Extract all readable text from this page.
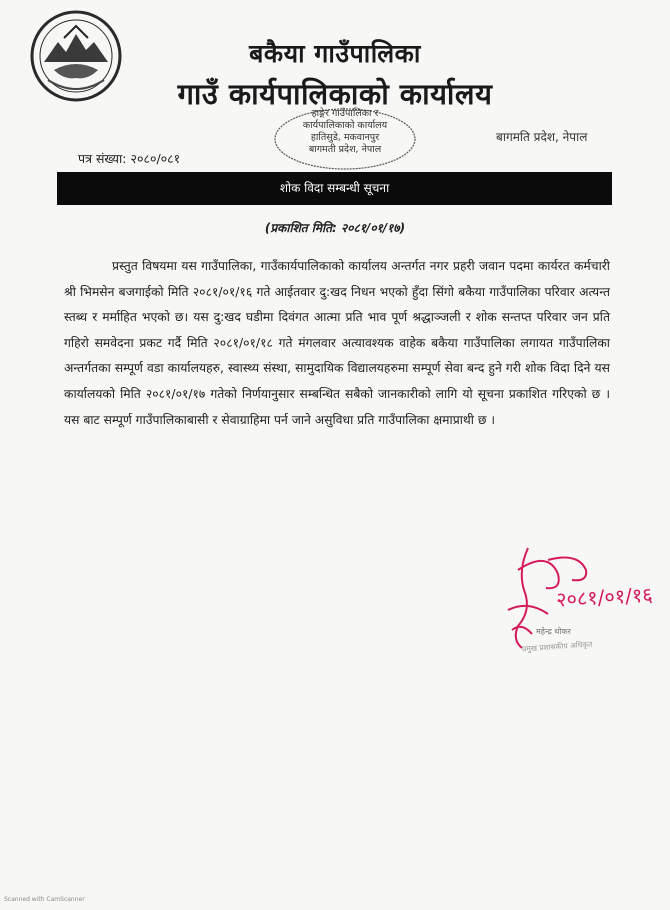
बकैया गाउँपालिका
गाउँ कार्यपालिकाको कार्यालय
हाङ्गेर गाउँपालिका र
कार्यपालिकाको कार्यालय
हातिसुडे, मकवानपुर
बागमती प्रदेश, नेपाल
बागमति प्रदेश, नेपाल
पत्र संख्या: २०८०/०८१
शोक विदा सम्बन्धी सूचना
(प्रकाशित मिति: २०८१/०१/१७)
प्रस्तुत विषयमा यस गाउँपालिका, गाउँकार्यपालिकाको कार्यालय अन्तर्गत नगर प्रहरी जवान पदमा कार्यरत कर्मचारी श्री भिमसेन बजगाईको मिति २०८१/०१/१६ गते आईतवार दु:खद निधन भएको हुँदा सिंगो बकैया गाउँपालिका परिवार अत्यन्त स्तब्ध र मर्माहित भएको छ। यस दु:खद घडीमा दिवंगत आत्मा प्रति भाव पूर्ण श्रद्धाञ्जली र शोक सन्तप्त परिवार जन प्रति गहिरो समवेदना प्रकट गर्दै मिति २०८१/०१/१८ गते मंगलवार अत्यावश्यक वाहेक बकैया गाउँपालिका लगायत गाउँपालिका अन्तर्गतका सम्पूर्ण वडा कार्यालयहरु, स्वास्थ्य संस्था, सामुदायिक विद्यालयहरुमा सम्पूर्ण सेवा बन्द हुने गरी शोक विदा दिने यस कार्यालयको मिति २०८१/०१/१७ गतेको निर्णयानुसार सम्बन्धित सबैको जानकारीको लागि यो सूचना प्रकाशित गरिएको छ । यस बाट सम्पूर्ण गाउँपालिकाबासी र सेवाग्राहिमा पर्न जाने असुविधा प्रति गाउँपालिका क्षमाप्राथी छ ।
२०८१/०१/१६
महेन्द्र थोकर
प्रमुख प्रशासकीय अधिकृत
Scanned with CamScanner
